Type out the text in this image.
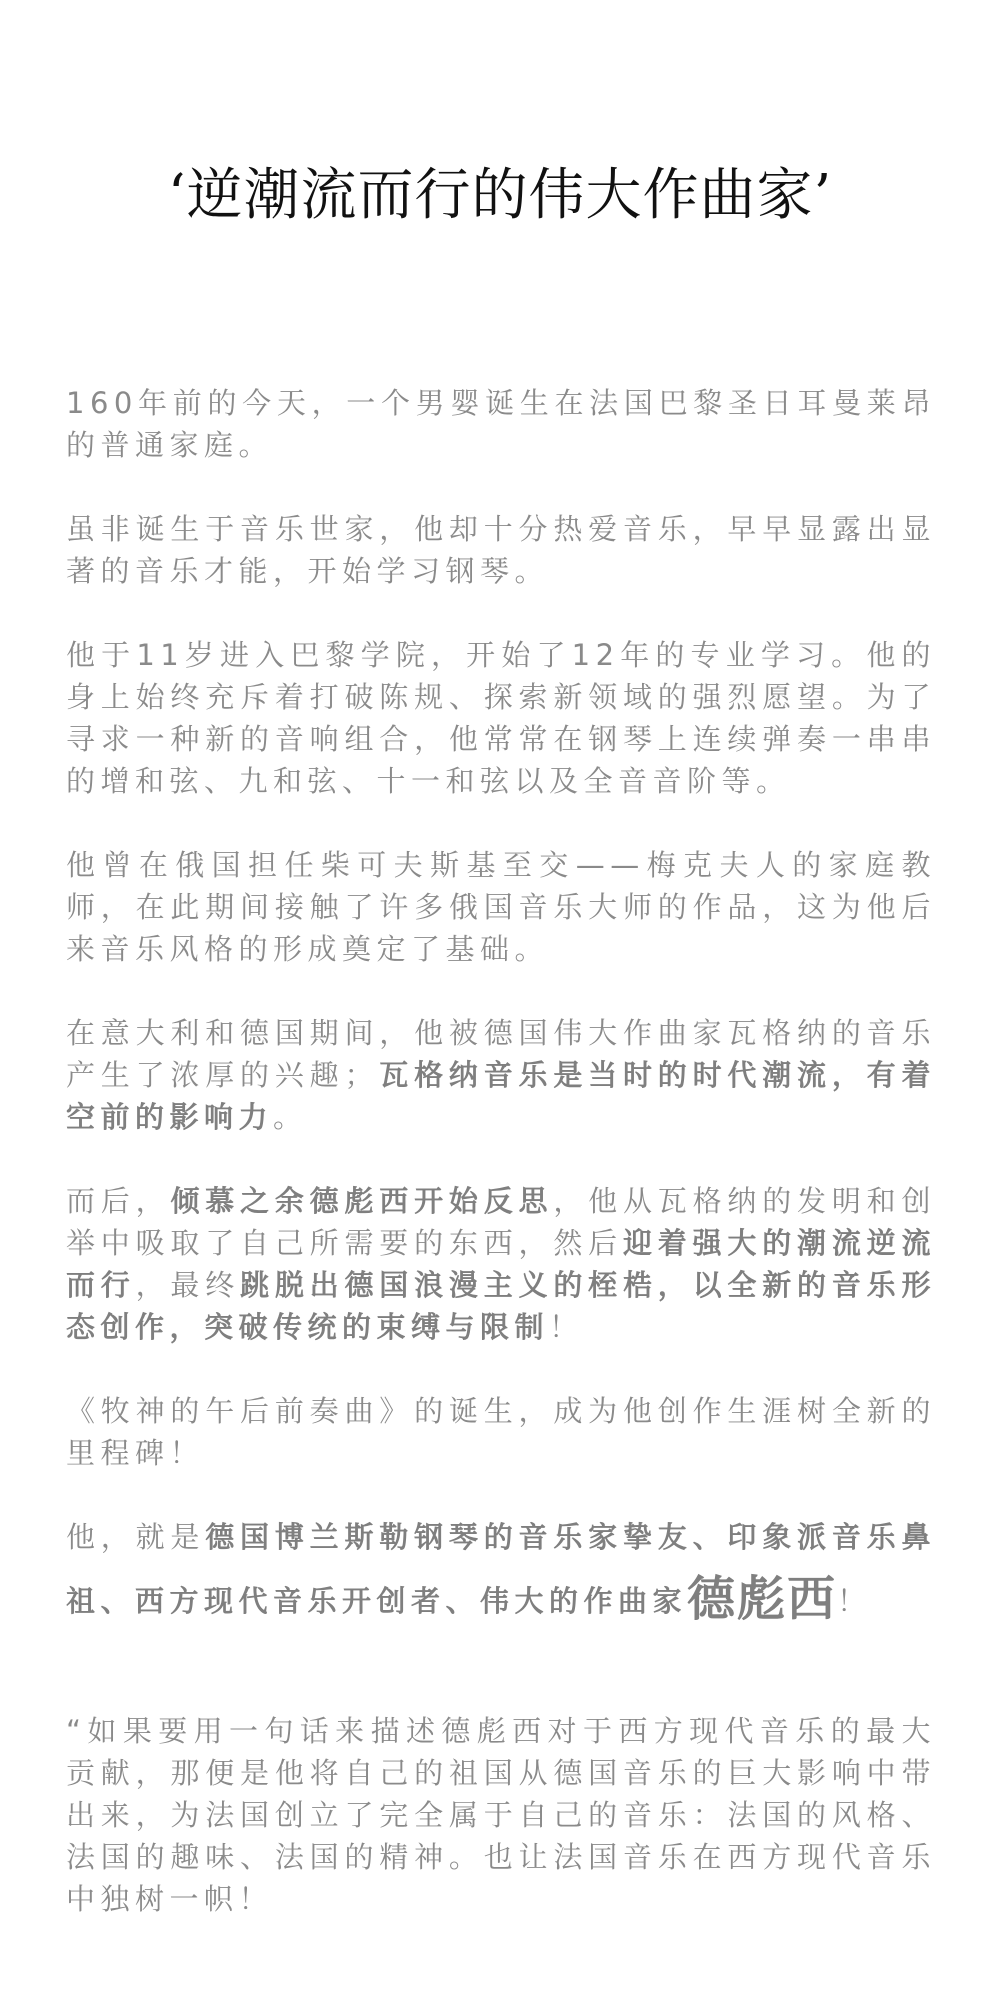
‘逆潮流而行的伟大作曲家’

160年前的今天，一个男婴诞生在法国巴黎圣日耳曼莱昂的普通家庭。

虽非诞生于音乐世家，他却十分热爱音乐，早早显露出显著的音乐才能，开始学习钢琴。

他于11岁进入巴黎学院，开始了12年的专业学习。他的身上始终充斥着打破陈规、探索新领域的强烈愿望。为了寻求一种新的音响组合，他常常在钢琴上连续弹奏一串串的增和弦、九和弦、十一和弦以及全音音阶等。

他曾在俄国担任柴可夫斯基至交——梅克夫人的家庭教师，在此期间接触了许多俄国音乐大师的作品，这为他后来音乐风格的形成奠定了基础。

在意大利和德国期间，他被德国伟大作曲家瓦格纳的音乐产生了浓厚的兴趣；瓦格纳音乐是当时的时代潮流，有着空前的影响力。

而后，倾慕之余德彪西开始反思，他从瓦格纳的发明和创举中吸取了自己所需要的东西，然后迎着强大的潮流逆流而行，最终跳脱出德国浪漫主义的桎梏，以全新的音乐形态创作，突破传统的束缚与限制！

《牧神的午后前奏曲》的诞生，成为他创作生涯树全新的里程碑！

他，就是德国博兰斯勒钢琴的音乐家挚友、印象派音乐鼻祖、西方现代音乐开创者、伟大的作曲家德彪西！

“如果要用一句话来描述德彪西对于西方现代音乐的最大贡献，那便是他将自己的祖国从德国音乐的巨大影响中带出来，为法国创立了完全属于自己的音乐：法国的风格、法国的趣味、法国的精神。也让法国音乐在西方现代音乐中独树一帜！
